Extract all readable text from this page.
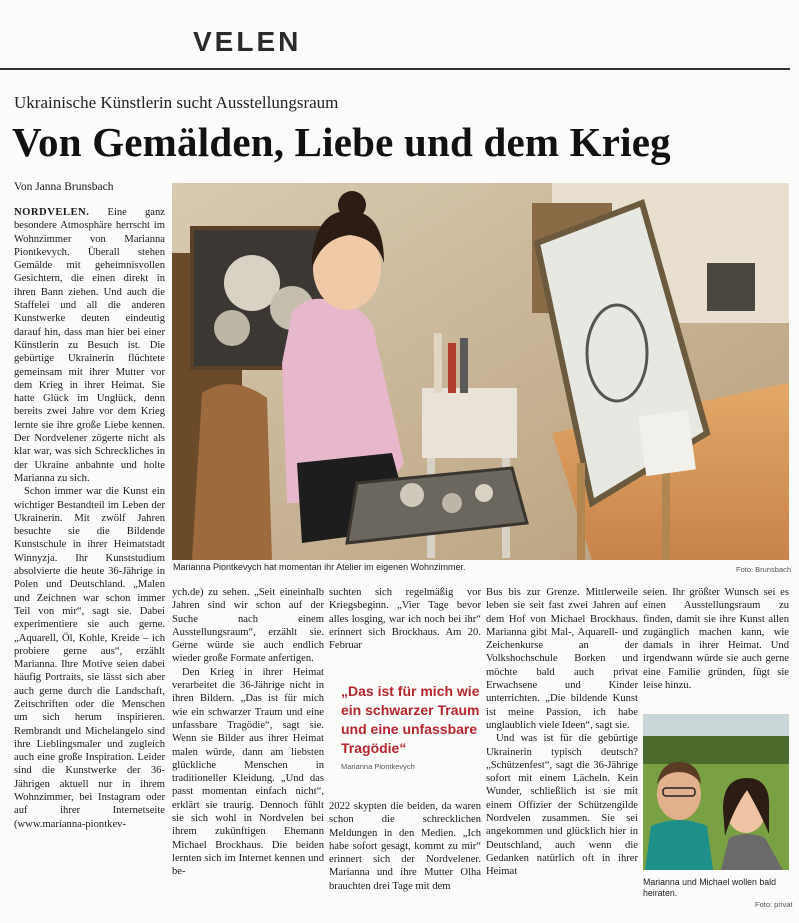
VELEN
Ukrainische Künstlerin sucht Ausstellungsraum
Von Gemälden, Liebe und dem Krieg
Von Janna Brunsbach

NORDVELEN. Eine ganz besondere Atmosphäre herrscht im Wohnzimmer von Marianna Piontkevych. Überall stehen Gemälde mit geheimnisvollen Gesichtern, die einen direkt in ihren Bann ziehen. Und auch die Staffelei und all die anderen Kunstwerke deuten eindeutig darauf hin, dass man hier bei einer Künstlerin zu Besuch ist. Die gebürtige Ukrainerin flüchtete gemeinsam mit ihrer Mutter vor dem Krieg in ihrer Heimat. Sie hatte Glück im Unglück, denn bereits zwei Jahre vor dem Krieg lernte sie ihre große Liebe kennen. Der Nordvelener zögerte nicht als klar war, was sich Schreckliches in der Ukraine anbahnte und holte Marianna zu sich.

Schon immer war die Kunst ein wichtiger Bestandteil im Leben der Ukrainerin. Mit zwölf Jahren besuchte sie die Bildende Kunstschule in ihrer Heimatstadt Winnyzja. Ihr Kunststudium absolvierte die heute 36-Jährige in Polen und Deutschland. „Malen und Zeichnen war schon immer Teil von mir“, sagt sie. Dabei experimentiere sie auch gerne. „Aquarell, Öl, Kohle, Kreide – ich probiere gerne aus“, erzählt Marianna. Ihre Motive seien dabei häufig Portraits, sie lässt sich aber auch gerne durch die Landschaft, Zeitschriften oder die Menschen um sich herum inspirieren. Rembrandt und Michelangelo sind ihre Lieblingsmaler und zugleich auch eine große Inspiration. Leider sind die Kunstwerke der 36-Jährigen aktuell nur in ihrem Wohnzimmer, bei Instagram oder auf ihrer Internetseite (www.marianna-piontkev-

Marianna Piontkevych hat momentan ihr Atelier im eigenen Wohnzimmer.	Foto: Brunsbach

ych.de) zu sehen. „Seit eineinhalb Jahren sind wir schon auf der Suche nach einem Ausstellungsraum“, erzählt sie. Gerne würde sie auch endlich wieder große Formate anfertigen.

Den Krieg in ihrer Heimat verarbeitet die 36-Jährige nicht in ihren Bildern. „Das ist für mich wie ein schwarzer Traum und eine unfassbare Tragödie“, sagt sie. Wenn sie Bilder aus ihrer Heimat malen würde, dann am liebsten glückliche Menschen in traditioneller Kleidung. „Und das passt momentan einfach nicht“, erklärt sie traurig. Dennoch fühlt sie sich wohl in Nordvelen bei ihrem zukünftigen Ehemann Michael Brockhaus. Die beiden lernten sich im Internet kennen und be-

suchten sich regelmäßig vor Kriegsbeginn. „Vier Tage bevor alles losging, war ich noch bei ihr“ erinnert sich Brockhaus. Am 20. Februar

„Das ist für mich wie ein schwarzer Traum und eine unfassbare Tragödie“
Marianna Piontkevych

2022 skypten die beiden, da waren schon die schrecklichen Meldungen in den Medien. „Ich habe sofort gesagt, kommt zu mir“ erinnert sich der Nordvelener. Marianna und ihre Mutter Olha brauchten drei Tage mit dem

Bus bis zur Grenze. Mittlerweile leben sie seit fast zwei Jahren auf dem Hof von Michael Brockhaus. Marianna gibt Mal-, Aquarell- und Zeichenkurse an der Volkshochschule Borken und möchte bald auch privat Erwachsene und Kinder unterrichten. „Die bildende Kunst ist meine Passion, ich habe unglaublich viele Ideen“, sagt sie.

Und was ist für die gebürtige Ukrainerin typisch deutsch? „Schützenfest“, sagt die 36-Jährige sofort mit einem Lächeln. Kein Wunder, schließlich ist sie mit einem Offizier der Schützengilde Nordvelen zusammen. Sie sei angekommen und glücklich hier in Deutschland, auch wenn die Gedanken natürlich oft in ihrer Heimat

seien. Ihr größter Wunsch sei es einen Ausstellungsraum zu finden, damit sie ihre Kunst allen zugänglich machen kann, wie damals in ihrer Heimat. Und irgendwann würde sie auch gerne eine Familie gründen, fügt sie leise hinzu.

Marianna und Michael wollen bald heiraten.
Foto: privat
